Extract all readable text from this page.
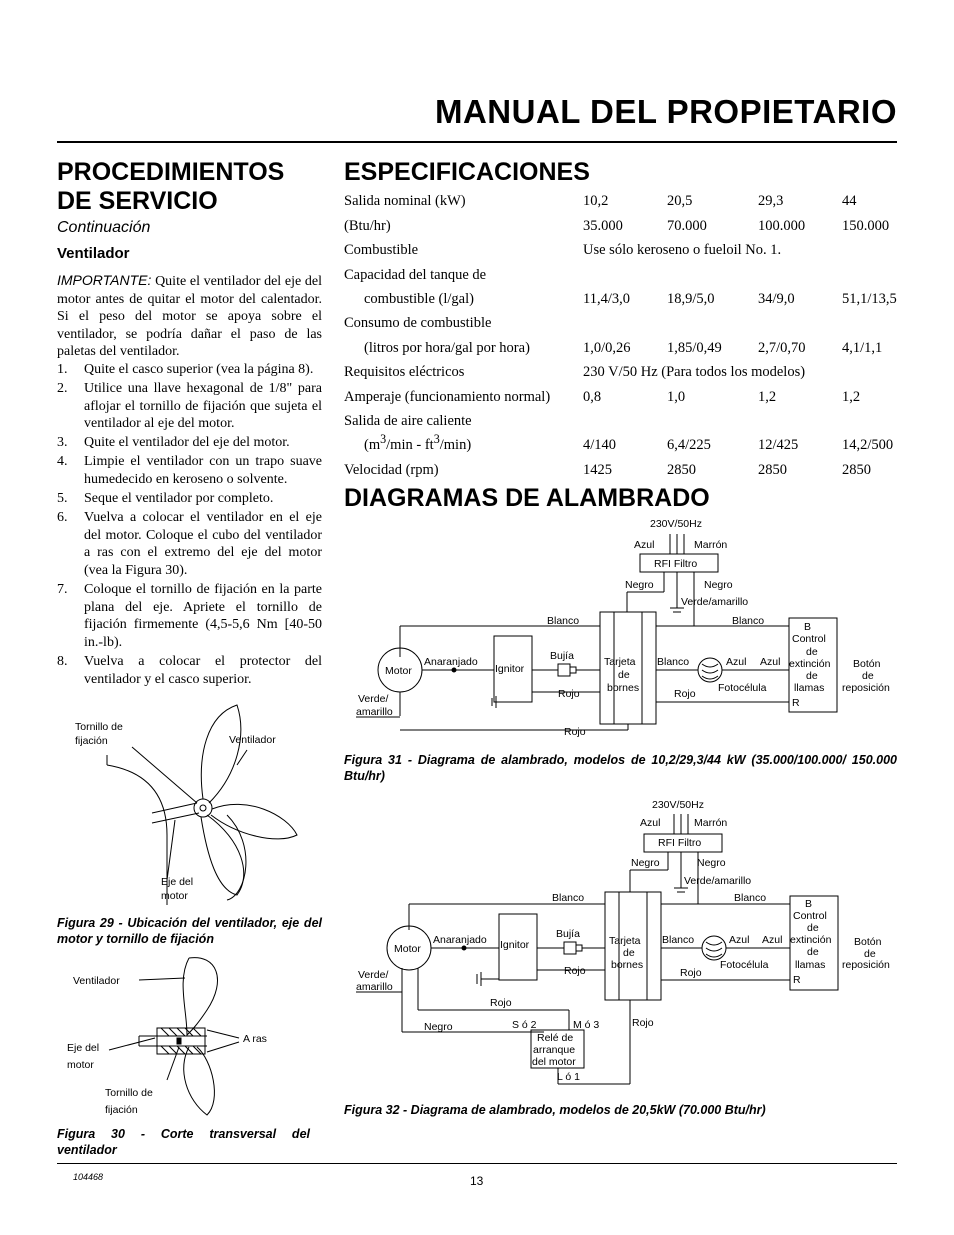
MANUAL DEL PROPIETARIO
PROCEDIMIENTOS
DE SERVICIO
Continuación
Ventilador
IMPORTANTE: Quite el ventilador del eje del motor antes de quitar el motor del calentador. Si el peso del motor se apoya sobre el ventilador, se podría dañar el paso de las paletas del ventilador.
1. Quite el casco superior (vea la página 8).
2. Utilice una llave hexagonal de 1/8" para aflojar el tornillo de fijación que sujeta el ventilador al eje del motor.
3. Quite el ventilador del eje del motor.
4. Limpie el ventilador con un trapo suave humedecido en keroseno o solvente.
5. Seque el ventilador por completo.
6. Vuelva a colocar el ventilador en el eje del motor. Coloque el cubo del ventilador a ras con el extremo del eje del motor (vea la Figura 30).
7. Coloque el tornillo de fijación en la parte plana del eje. Apriete el tornillo de fijación firmemente (4,5-5,6 Nm [40-50 in.-lb).
8. Vuelva a colocar el protector del ventilador y el casco superior.
Tornillo de
fijación	Ventilador
Eje del
motor
Figura 29 - Ubicación del ventilador, eje del motor y tornillo de fijación
Ventilador
Eje del
motor
A ras
Tornillo de
fijación
Figura 30 - Corte transversal del ventilador
ESPECIFICACIONES
Salida nominal (kW)	10,2	20,5	29,3	44
(Btu/hr)	35.000	70.000	100.000	150.000
Combustible	Use sólo keroseno o fueloil No. 1.			
Capacidad del tanque de				
combustible (l/gal)	11,4/3,0	18,9/5,0	34/9,0	51,1/13,5
Consumo de combustible				
(litros por hora/gal por hora)	1,0/0,26	1,85/0,49	2,7/0,70	4,1/1,1
Requisitos eléctricos	230 V/50 Hz (Para todos los modelos)			
Amperaje (funcionamiento normal)	0,8	1,0	1,2	1,2
Salida de aire caliente				
$(m^3/\min - ft^3/\min)$	4/140	6,4/225	12/425	14,2/500
Velocidad (rpm)	1425	2850	2850	2850
DIAGRAMAS DE ALAMBRADO
230V/50Hz
Azul	Marrón
RFI Filtro
Negro	Negro
Verde/amarillo
Tarjeta
de
bornes
Blanco	Blanco
Motor
Anaranjado
Ignitor
Bujía
Rojo
Verde/
amarillo
Blanco	Azul Azul
Fotocélula
Rojo
B
Control
de
extinción
de
llamas
R
Botón
de
reposición
Rojo
Figura 31 - Diagrama de alambrado, modelos de 10,2/29,3/44 kW (35.000/100.000/ 150.000 Btu/hr)
230V/50Hz
Azul	Marrón
RFI Filtro
Negro	Negro
Verde/amarillo
Tarjeta
de
bornes
Blanco	Blanco
Motor
Anaranjado Ignitor
Bujía
Rojo
Verde/
amarillo
Blanco	Azul Azul
Fotocélula
Rojo
B
Control
de
extinción
de
llamas
R
Botón
de
reposición
Rojo
Negro	S ó 2	M ó 3
Relé de
arranque
del motor
L ó 1
Rojo
Figura 32 - Diagrama de alambrado, modelos de 20,5kW (70.000 Btu/hr)
104468	13
